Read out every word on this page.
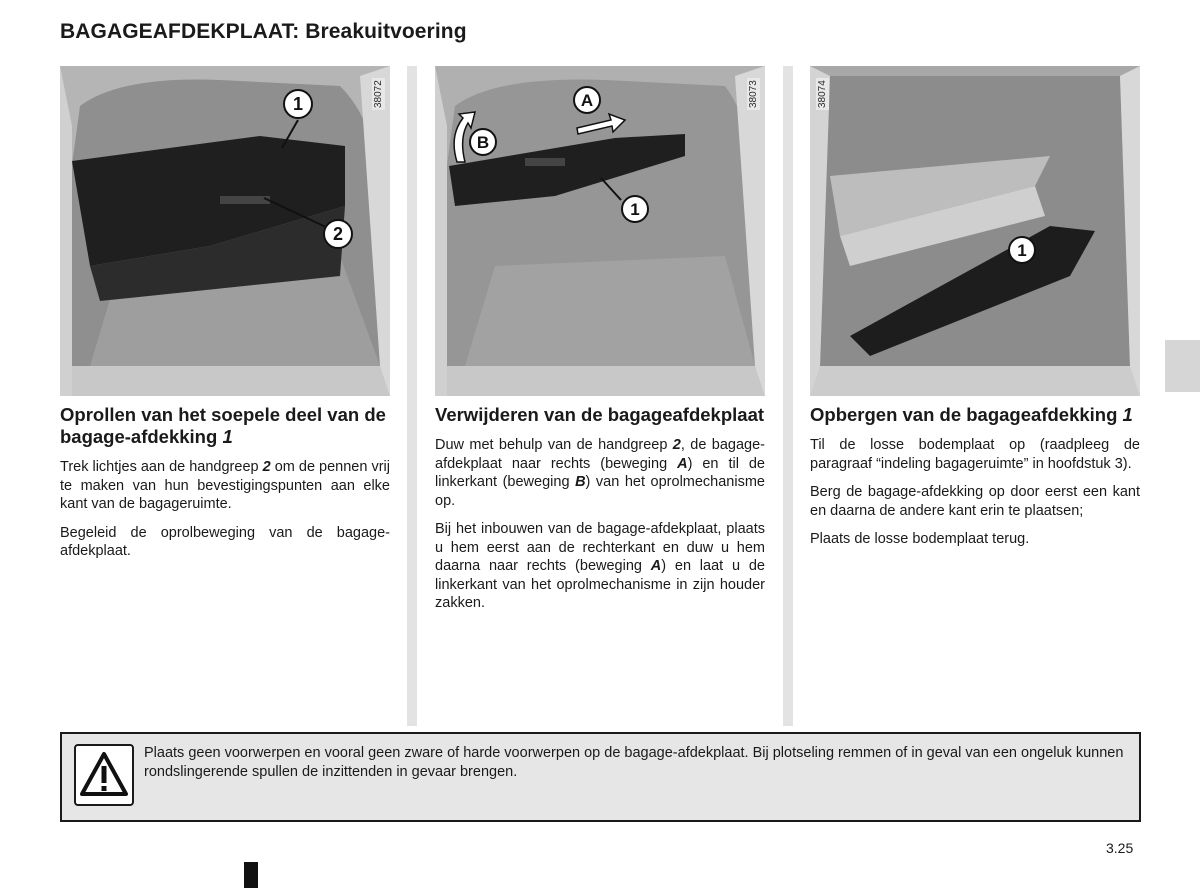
BAGAGEAFDEKPLAAT: Breakuitvoering
1
2
38072
Oprollen van het soepele deel van de bagage-afdekking 1

Trek lichtjes aan de handgreep 2 om de pennen vrij te maken van hun bevestigingspunten aan elke kant van de bagageruimte.

Begeleid de oprolbeweging van de bagageafdekplaat.

A
B
1
38073
Verwijderen van de bagageafdekplaat

Duw met behulp van de handgreep 2, de bagage-afdekplaat naar rechts (beweging A) en til de linkerkant (beweging B) van het oprolmechanisme op.

Bij het inbouwen van de bagage-afdekplaat, plaats u hem eerst aan de rechterkant en duw u hem daarna naar rechts (beweging A) en laat u de linkerkant van het oprolmechanisme in zijn houder zakken.

1
38074
Opbergen van de bagageafdekking 1

Til de losse bodemplaat op (raadpleeg de paragraaf “indeling bagageruimte” in hoofdstuk 3).

Berg de bagage-afdekking op door eerst een kant en daarna de andere kant erin te plaatsen;

Plaats de losse bodemplaat terug.

Plaats geen voorwerpen en vooral geen zware of harde voorwerpen op de bagage-afdekplaat. Bij plotseling remmen of in geval van een ongeluk kunnen rondslingerende spullen de inzittenden in gevaar brengen.
3.25
